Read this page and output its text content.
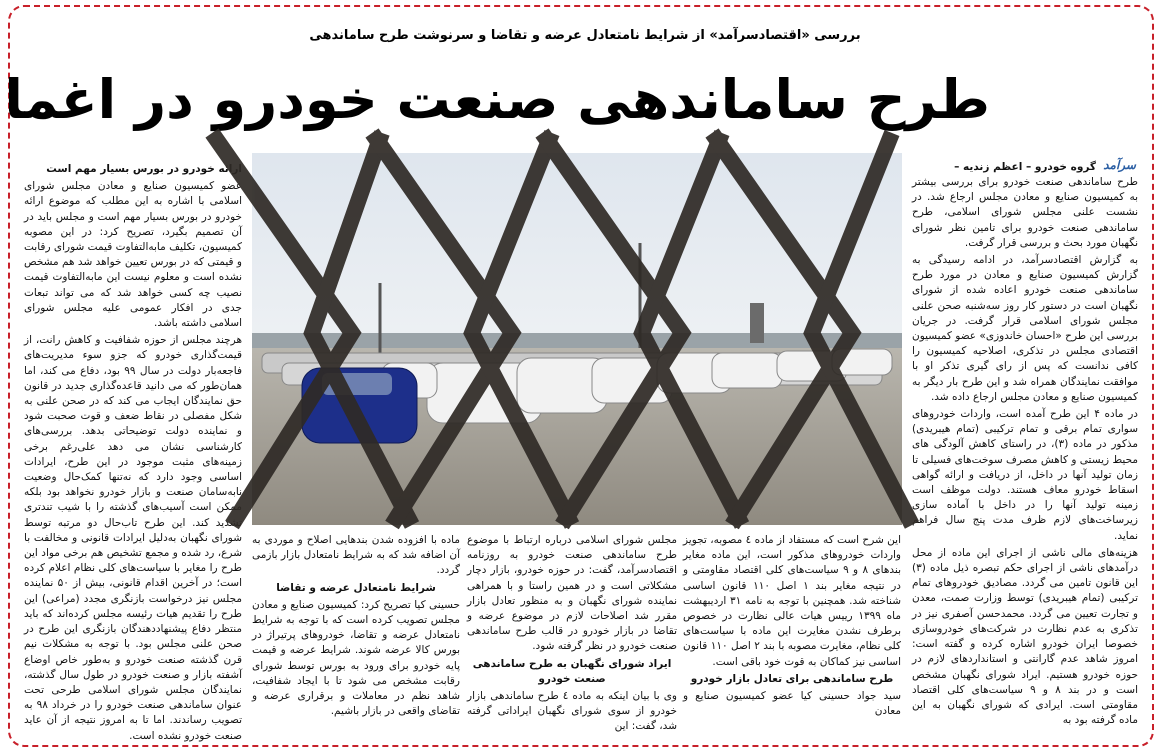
بررسی «اقتصادسرآمد» از شرایط نامتعادل عرضه و تقاضا و سرنوشت طرح ساماندهی
طرح ساماندهی صنعت خودرو در اغما
سرآمد

گروه خودرو – اعظم زندیه –

طرح ساماندهی صنعت خودرو برای بررسی بیشتر به کمیسیون صنایع و معادن مجلس ارجاع شد. در نشست علنی مجلس شورای اسلامی، طرح ساماندهی صنعت خودرو برای تامین نظر شورای نگهبان مورد بحث و بررسی قرار گرفت.

به گزارش اقتصادسرآمد، در ادامه رسیدگی به گزارش کمیسیون صنایع و معادن در مورد طرح ساماندهی صنعت خودرو اعاده شده از شورای نگهبان است در دستور کار روز سه‌شنبه صحن علنی مجلس شورای اسلامی قرار گرفت. در جریان بررسی این طرح «احسان خاندوزی» عضو کمیسیون اقتصادی مجلس در تذکری، اصلاحیه کمیسیون را کافی ندانست که پس از رای گیری تذکر او با موافقت نمایندگان همراه شد و این طرح بار دیگر به کمیسیون صنایع و معادن مجلس ارجاع داده شد.

در ماده ۴ این طرح آمده است، واردات خودروهای سواری تمام برقی و تمام ترکیبی (تمام هیبریدی) مذکور در ماده (۳)، در راستای کاهش آلودگی های محیط زیستی و کاهش مصرف سوخت‌های فسیلی تا زمان تولید آنها در داخل، از دریافت و ارائه گواهی اسقاط خودرو معاف هستند. دولت موظف است زمینه تولید آنها را در داخل با آماده سازی زیرساخت‌های لازم ظرف مدت پنج سال فراهم نماید.

هزینه‌های مالی ناشی از اجرای این ماده از محل درآمدهای ناشی از اجرای حکم تبصره ذیل ماده (۳) این قانون تامین می گردد. مصادیق خودروهای تمام ترکیبی (تمام هیبریدی) توسط وزارت صمت، معدن و تجارت تعیین می گردد. محمدحسن آصفری نیز در تذکری به عدم نظارت در شرکت‌های خودروسازی خصوصا ایران خودرو اشاره کرده و گفته است: امروز شاهد عدم گارانتی و استانداردهای لازم در حوزه خودرو هستیم. ایراد شورای نگهبان مشخص است و در بند ۸ و ۹ سیاست‌های کلی اقتصاد مقاومتی است. ایرادی که شورای نگهبان به این ماده گرفته بود به

ارائه خودرو در بورس بسیار مهم است

عضو کمیسیون صنایع و معادن مجلس شورای اسلامی با اشاره به این مطلب که موضوع ارائه خودرو در بورس بسیار مهم است و مجلس باید در آن تصمیم بگیرد، تصریح کرد: در این مصوبه کمیسیون، تکلیف مابه‌التفاوت قیمت شورای رقابت و قیمتی که در بورس تعیین خواهد شد هم مشخص نشده است و معلوم نیست این مابه‌التفاوت قیمت نصیب چه کسی خواهد شد که می تواند تبعات جدی در افکار عمومی علیه مجلس شورای اسلامی داشته باشد.

هرچند مجلس از حوزه شفافیت و کاهش رانت، از قیمت‌گذاری خودرو که جزو سوء مدیریت‌های فاجعه‌بار دولت در سال ۹۹ بود، دفاع می کند، اما همان‌طور که می دانید قاعده‌گذاری جدید در قانون حق نمایندگان ایجاب می کند که در صحن علنی به شکل مفصلی در نقاط ضعف و قوت صحبت شود و نماینده دولت توضیحاتی بدهد. بررسی‌های کارشناسی نشان می دهد علی‌رغم برخی زمینه‌های مثبت موجود در این طرح، ایرادات اساسی وجود دارد که نه‌تنها کمک‌حال وضعیت نابه‌سامان صنعت و بازار خودرو نخواهد بود بلکه ممکن است آسیب‌های گذشته را با شیب تندتری تشدید کند. این طرح تاب‌حال دو مرتبه توسط شورای نگهبان به‌دلیل ایرادات قانونی و مخالفت با شرع، رد شده و مجمع تشخیص هم برخی مواد این طرح را مغایر با سیاست‌های کلی نظام اعلام کرده است؛ در آخرین اقدام قانونی، بیش از ۵۰ نماینده مجلس نیز درخواست بازنگری مجدد (مراعی) این طرح را تقدیم هیات رئیسه مجلس کرده‌اند که باید منتظر دفاع پیشنهاددهندگان بازنگری این طرح در صحن علنی مجلس بود. با توجه به مشکلات نیم قرن گذشته صنعت خودرو و به‌طور خاص اوضاع آشفته بازار و صنعت خودرو در طول سال گذشته، نمایندگان مجلس شورای اسلامی طرحی تحت عنوان ساماندهی صنعت خودرو را در خرداد ۹۸ به تصویب رساندند. اما تا به امروز نتیجه از آن عاید صنعت خودرو نشده است.

این شرح است که مستفاد از ماده ٤ مصوبه، تجویز واردات خودروهای مذکور است، این ماده مغایر بندهای ۸ و ۹ سیاست‌های کلی اقتصاد مقاومتی و در نتیجه مغایر بند ۱ اصل ۱۱۰ قانون اساسی شناخته شد. همچنین با توجه به نامه ۳۱ اردیبهشت ماه ۱۳۹۹ رییس هیات عالی نظارت در خصوص برطرف نشدن مغایرت این ماده با سیاست‌های کلی نظام، مغایرت مصوبه با بند ۲ اصل ۱۱۰ قانون اساسی نیز کماکان به قوت خود باقی است.

طرح ساماندهی برای تعادل بازار خودرو

سید جواد حسینی کیا عضو کمیسیون صنایع و معادن

مجلس شورای اسلامی درباره ارتباط با موضوع طرح ساماندهی صنعت خودرو به روزنامه اقتصادسرآمد، گفت: در حوزه خودرو، بازار دچار مشکلاتی است و در همین راستا و با همراهی نماینده شورای نگهبان و به منظور تعادل بازار مقرر شد اصلاحات لازم در موضوع عرضه و تقاضا در بازار خودرو در قالب طرح ساماندهی صنعت خودرو در نظر گرفته شود.

ایراد شورای نگهبان به طرح ساماندهی صنعت خودرو

وی با بیان اینکه به ماده ٤ طرح ساماندهی بازار خودرو از سوی شورای نگهبان ایراداتی گرفته شد، گفت: این

ماده با افزوده شدن بندهایی اصلاح و موردی به آن اضافه شد که به شرایط نامتعادل بازار بازمی گردد.

شرایط نامتعادل عرضه و تقاضا

حسینی کیا تصریح کرد: کمیسیون صنایع و معادن مجلس تصویب کرده است که با توجه به شرایط نامتعادل عرضه و تقاضا، خودروهای پرتیراژ در بورس کالا عرضه شوند. شرایط عرضه و قیمت پایه خودرو برای ورود به بورس توسط شورای رقابت مشخص می شود تا با ایجاد شفافیت، شاهد نظم در معاملات و برقراری عرضه و تقاضای واقعی در بازار باشیم.
